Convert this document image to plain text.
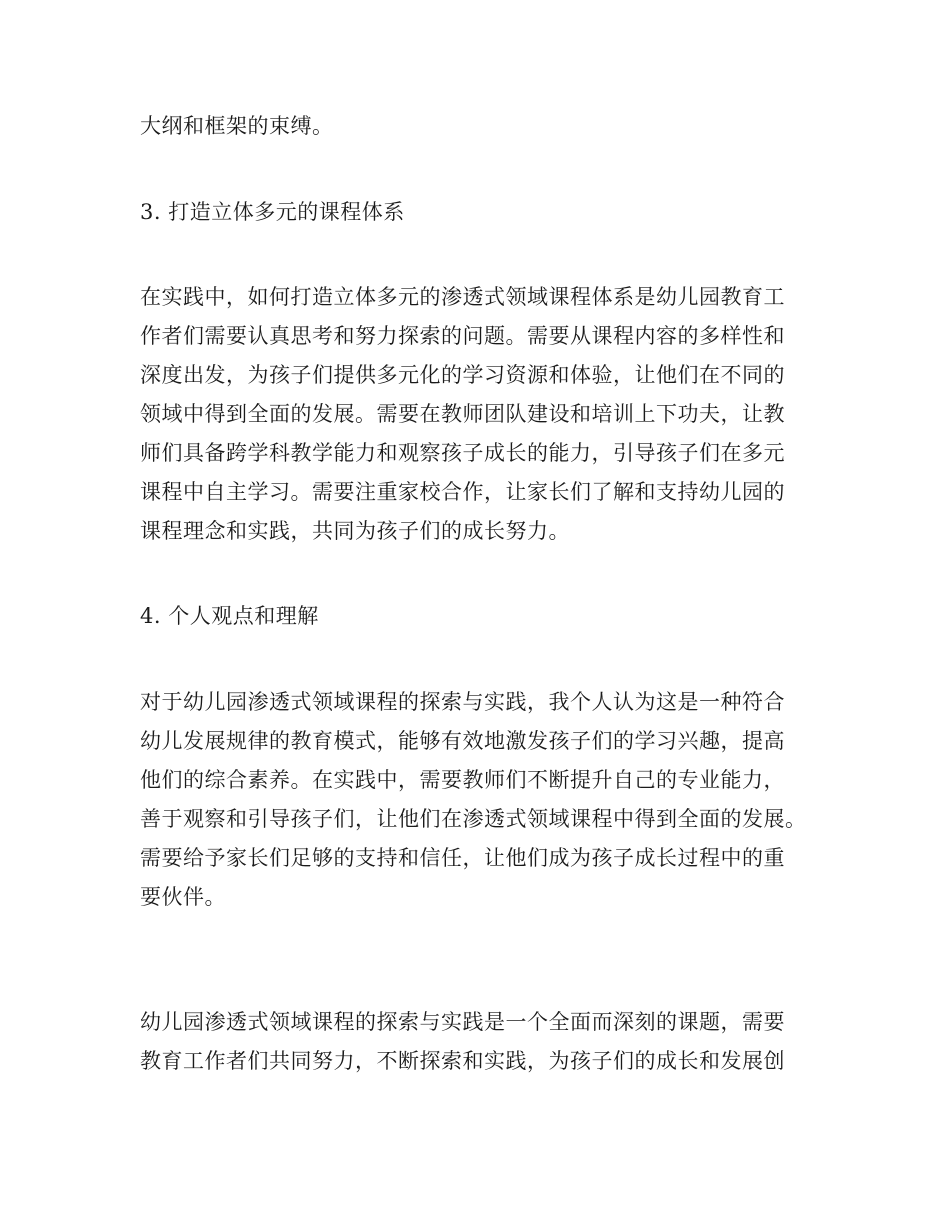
大纲和框架的束缚。
3. 打造立体多元的课程体系
在实践中，如何打造立体多元的渗透式领域课程体系是幼儿园教育工
作者们需要认真思考和努力探索的问题。需要从课程内容的多样性和
深度出发，为孩子们提供多元化的学习资源和体验，让他们在不同的
领域中得到全面的发展。需要在教师团队建设和培训上下功夫，让教
师们具备跨学科教学能力和观察孩子成长的能力，引导孩子们在多元
课程中自主学习。需要注重家校合作，让家长们了解和支持幼儿园的
课程理念和实践，共同为孩子们的成长努力。
4. 个人观点和理解
对于幼儿园渗透式领域课程的探索与实践，我个人认为这是一种符合
幼儿发展规律的教育模式，能够有效地激发孩子们的学习兴趣，提高
他们的综合素养。在实践中，需要教师们不断提升自己的专业能力，
善于观察和引导孩子们，让他们在渗透式领域课程中得到全面的发展。
需要给予家长们足够的支持和信任，让他们成为孩子成长过程中的重
要伙伴。
幼儿园渗透式领域课程的探索与实践是一个全面而深刻的课题，需要
教育工作者们共同努力，不断探索和实践，为孩子们的成长和发展创
